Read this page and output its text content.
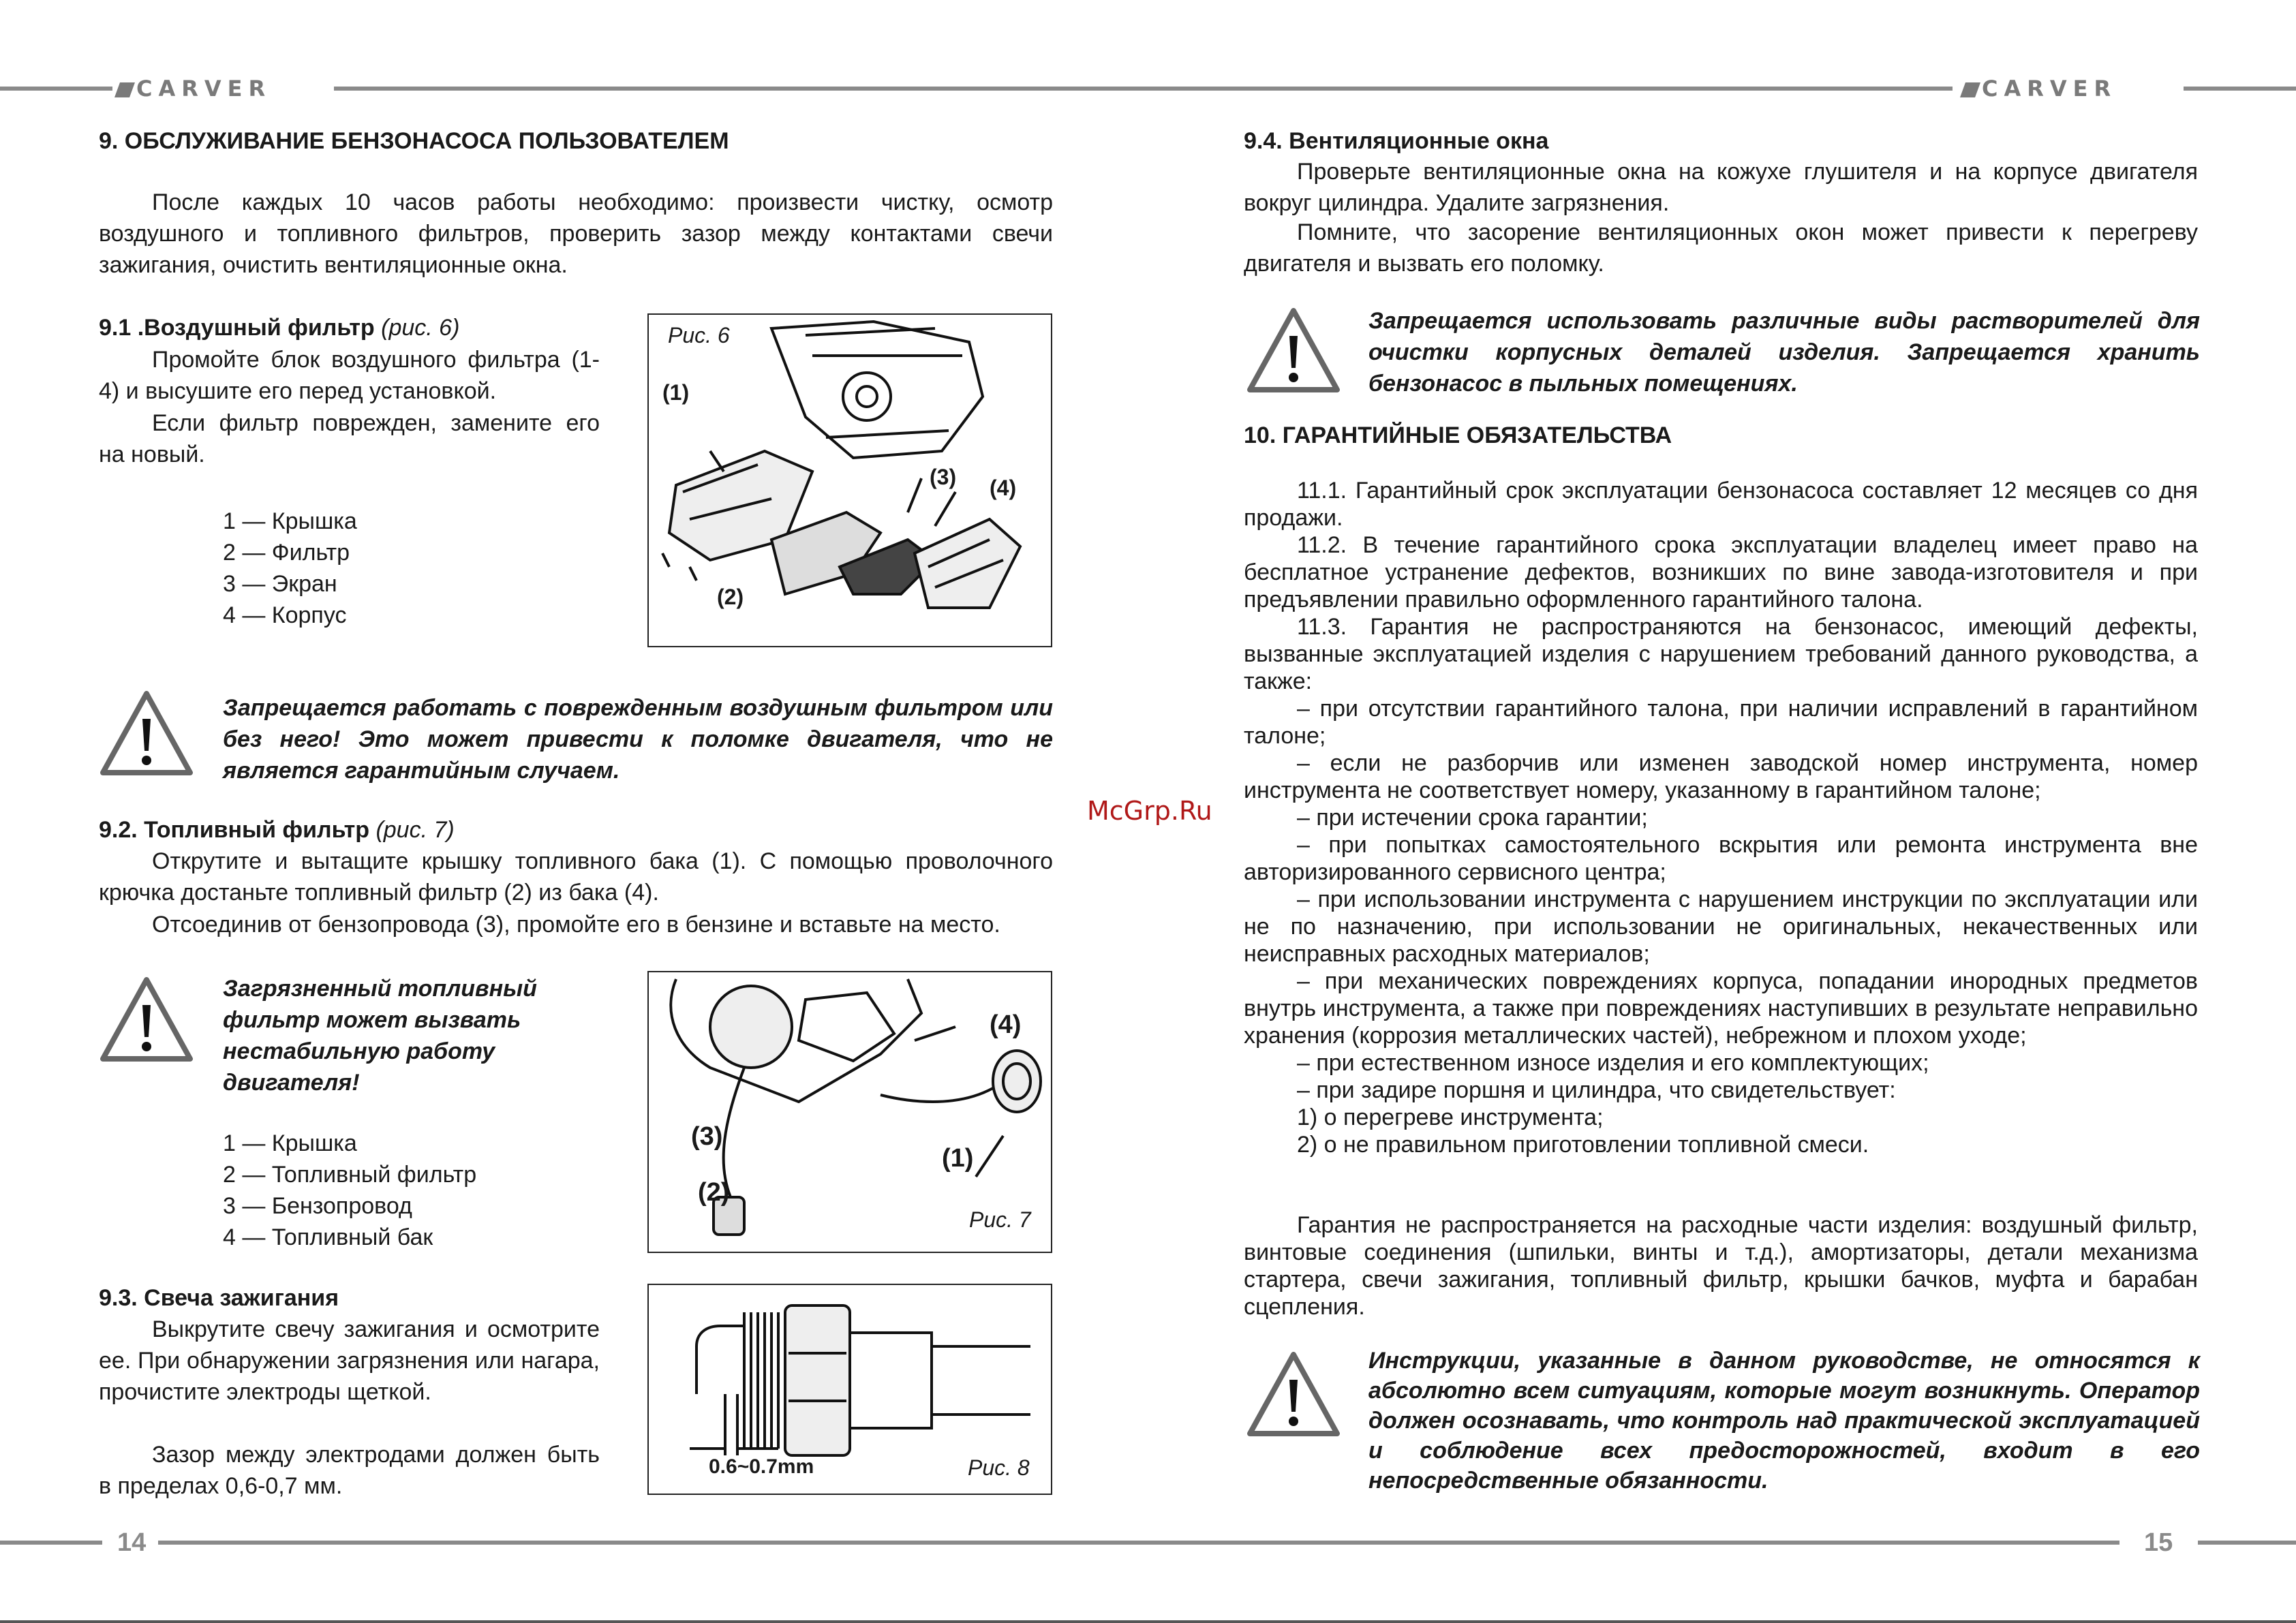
CARVER	CARVER
14	15
9. ОБСЛУЖИВАНИЕ БЕНЗОНАСОСА ПОЛЬЗОВАТЕЛЕМ
После каждых 10 часов работы необходимо: произвести чистку, осмотр воздушного и топливного фильтров, проверить зазор между контактами свечи зажигания, очистить вентиляционные окна.
9.1 .Воздушный фильтр (рис. 6)
Промойте блок воздушного фильтра (1-4) и высушите его перед установкой.
Если фильтр поврежден, замените его на новый.
1 — Крышка
2 — Фильтр
3 — Экран
4 — Корпус
Рис. 6
(1)
(2)
(3) (4)
Запрещается работать с поврежденным воздушным фильтром или без него! Это может привести к поломке двигателя, что не является гарантийным случаем.
9.2. Топливный фильтр (рис. 7)
Открутите и вытащите крышку топливного бака (1). С помощью проволочного крючка достаньте топливный фильтр (2) из бака (4).
Отсоединив от бензопровода (3), промойте его в бензине и вставьте на место.
Загрязненный топливный фильтр может вызвать нестабильную работу двигателя!
1 — Крышка
2 — Топливный фильтр
3 — Бензопровод
4 — Топливный бак
Рис. 7
(4)
(3)
(1)
(2)
9.3. Свеча зажигания
Выкрутите свечу зажигания и осмотрите ее. При обнаружении загрязнения или нагара, прочистите электроды щеткой.
Зазор между электродами должен быть в пределах 0,6-0,7 мм.
0.6~0.7mm	Рис. 8
McGrp.Ru
9.4. Вентиляционные окна
Проверьте вентиляционные окна на кожухе глушителя и на корпусе двигателя вокруг цилиндра. Удалите загрязнения.
Помните, что засорение вентиляционных окон может привести к перегреву двигателя и вызвать его поломку.
Запрещается использовать различные виды растворителей для очистки корпусных деталей изделия. Запрещается хранить бензонасос в пыльных помещениях.
10. ГАРАНТИЙНЫЕ ОБЯЗАТЕЛЬСТВА
11.1. Гарантийный срок эксплуатации бензонасоса составляет 12 месяцев со дня продажи.
11.2. В течение гарантийного срока эксплуатации владелец имеет право на бесплатное устранение дефектов, возникших по вине завода-изготовителя и при предъявлении правильно оформленного гарантийного талона.
11.3. Гарантия не распространяются на бензонасос, имеющий дефекты, вызванные эксплуатацией изделия с нарушением требований данного руководства, а также:
– при отсутствии гарантийного талона, при наличии исправлений в гарантийном талоне;
– если не разборчив или изменен заводской номер инструмента, номер инструмента не соответствует номеру, указанному в гарантийном талоне;
– при истечении срока гарантии;
– при попытках самостоятельного вскрытия или ремонта инструмента вне авторизированного сервисного центра;
– при использовании инструмента с нарушением инструкции по эксплуатации или не по назначению, при использовании не оригинальных, некачественных или неисправных расходных материалов;
– при механических повреждениях корпуса, попадании инородных предметов внутрь инструмента, а также при повреждениях наступивших в результате неправильно хранения (коррозия металлических частей), небрежном и плохом уходе;
– при естественном износе изделия и его комплектующих;
– при задире поршня и цилиндра, что свидетельствует:
1) о перегреве инструмента;
2) о не правильном приготовлении топливной смеси.
Гарантия не распространяется на расходные части изделия: воздушный фильтр, винтовые соединения (шпильки, винты и т.д.), амортизаторы, детали механизма стартера, свечи зажигания, топливный фильтр, крышки бачков, муфта и барабан сцепления.
Инструкции, указанные в данном руководстве, не относятся к абсолютно всем ситуациям, которые могут возникнуть. Оператор должен осознавать, что контроль над практической эксплуатацией и соблюдение всех предосторожностей, входит в его непосредственные обязанности.
